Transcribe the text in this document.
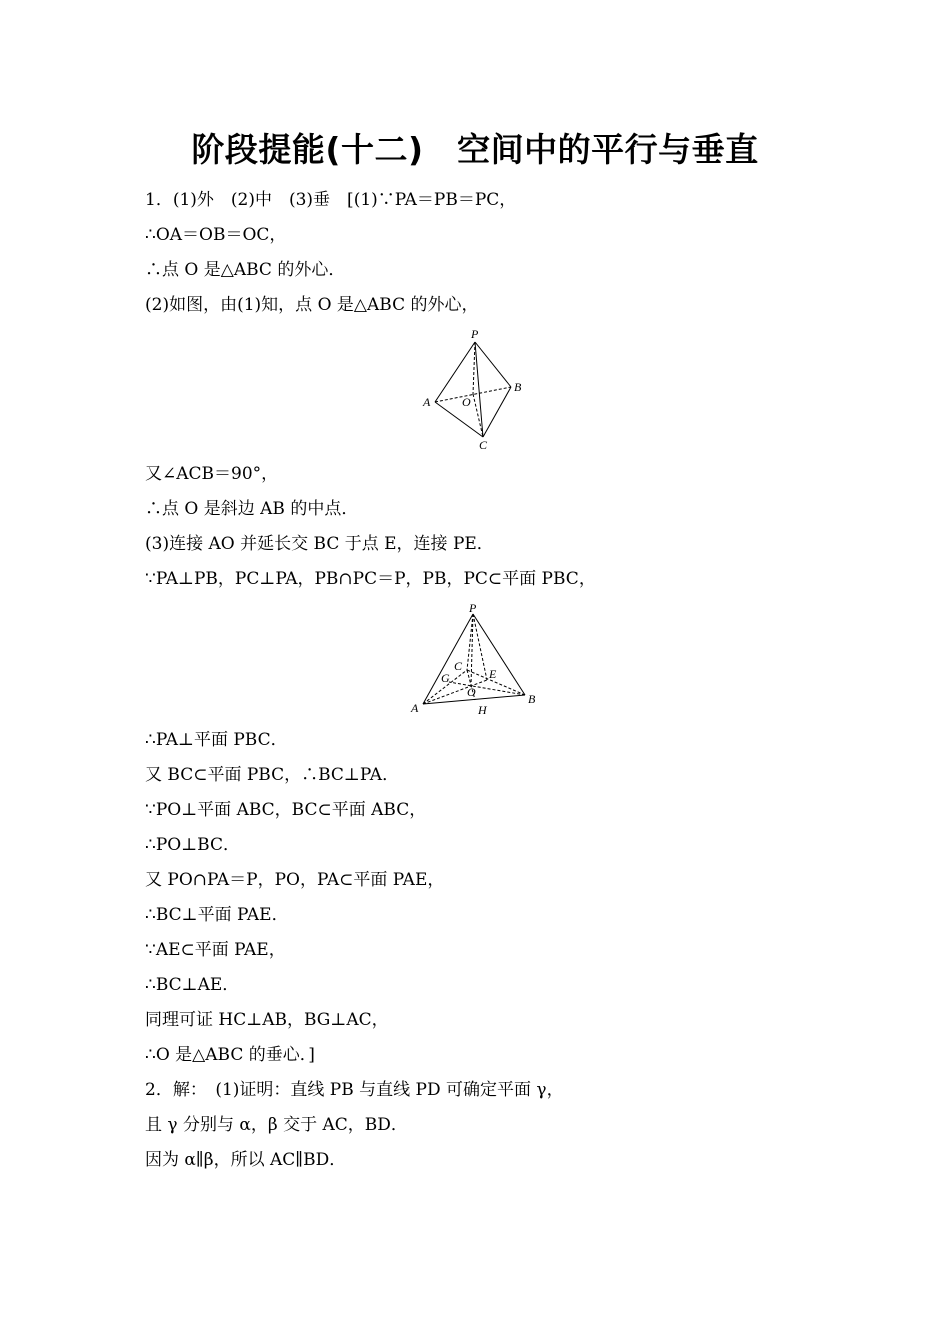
阶段提能(十二)　空间中的平行与垂直
1．(1)外　(2)中　(3)垂　[(1)∵PA＝PB＝PC，
∴OA＝OB＝OC，
∴点 O 是△ABC 的外心．
(2)如图，由(1)知，点 O 是△ABC 的外心，
P
A
B
C
O
又∠ACB＝90°，
∴点 O 是斜边 AB 的中点．
(3)连接 AO 并延长交 BC 于点 E，连接 PE．
∵PA⊥PB，PC⊥PA，PB∩PC＝P，PB，PC⊂平面 PBC，
P
A
B
C
E
G
O
H
∴PA⊥平面 PBC．
又 BC⊂平面 PBC，∴BC⊥PA．
∵PO⊥平面 ABC，BC⊂平面 ABC，
∴PO⊥BC．
又 PO∩PA＝P，PO，PA⊂平面 PAE，
∴BC⊥平面 PAE．
∵AE⊂平面 PAE，
∴BC⊥AE．
同理可证 HC⊥AB，BG⊥AC，
∴O 是△ABC 的垂心．]
2．解：　(1)证明：直线 PB 与直线 PD 可确定平面 γ，
且 γ 分别与 α，β 交于 AC，BD．
因为 α∥β，所以 AC∥BD．
